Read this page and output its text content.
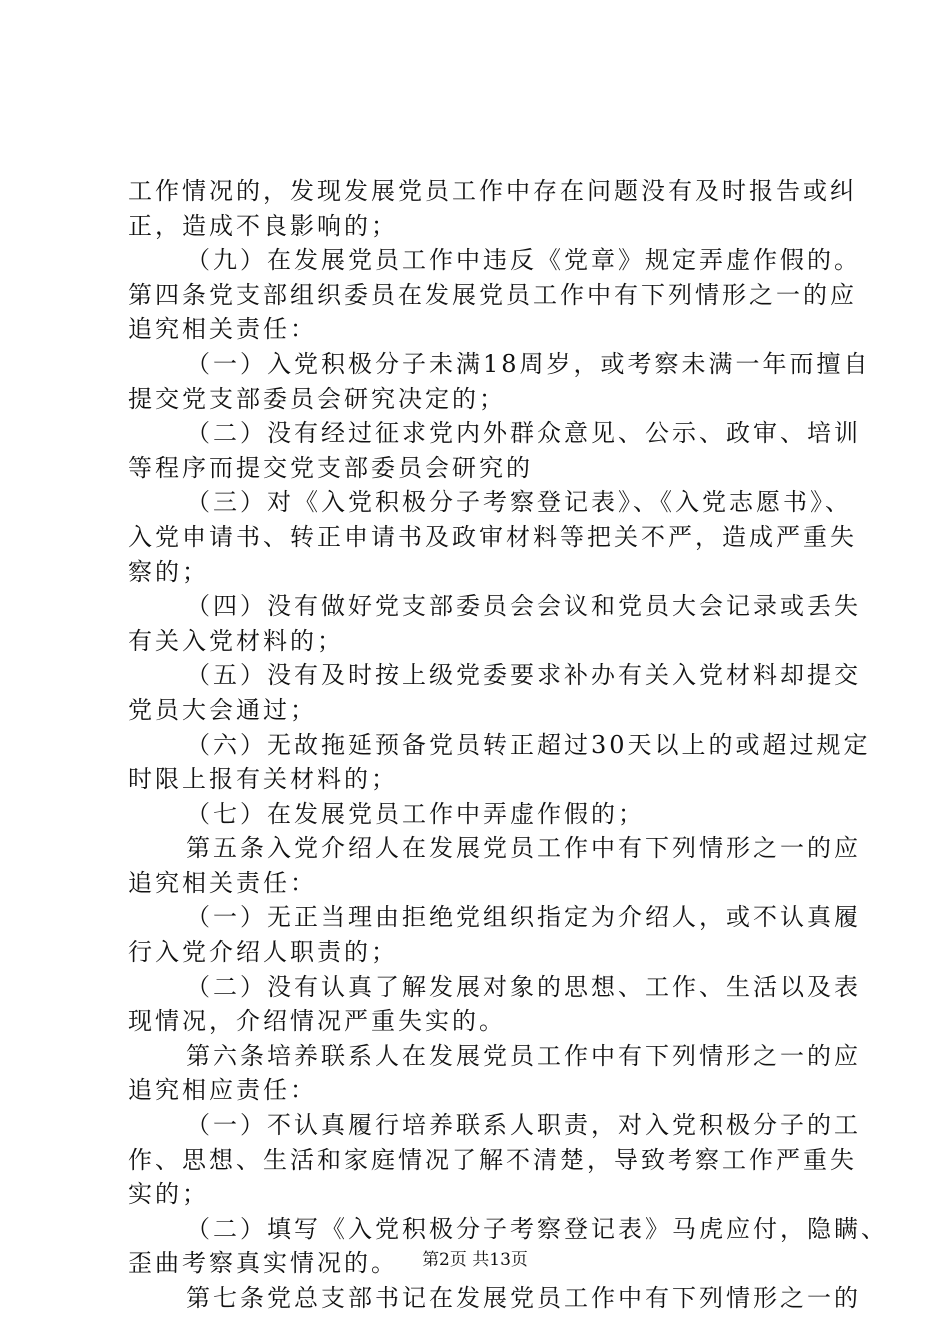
工作情况的，发现发展党员工作中存在问题没有及时报告或纠
正，造成不良影响的；
（九）在发展党员工作中违反《党章》规定弄虚作假的。
第四条党支部组织委员在发展党员工作中有下列情形之一的应
追究相关责任：
（一）入党积极分子未满18周岁，或考察未满一年而擅自
提交党支部委员会研究决定的；
（二）没有经过征求党内外群众意见、公示、政审、培训
等程序而提交党支部委员会研究的
（三）对《入党积极分子考察登记表》、《入党志愿书》、
入党申请书、转正申请书及政审材料等把关不严，造成严重失
察的；
（四）没有做好党支部委员会会议和党员大会记录或丢失
有关入党材料的；
（五）没有及时按上级党委要求补办有关入党材料却提交
党员大会通过；
（六）无故拖延预备党员转正超过30天以上的或超过规定
时限上报有关材料的；
（七）在发展党员工作中弄虚作假的；
第五条入党介绍人在发展党员工作中有下列情形之一的应
追究相关责任：
（一）无正当理由拒绝党组织指定为介绍人，或不认真履
行入党介绍人职责的；
（二）没有认真了解发展对象的思想、工作、生活以及表
现情况，介绍情况严重失实的。
第六条培养联系人在发展党员工作中有下列情形之一的应
追究相应责任：
（一）不认真履行培养联系人职责，对入党积极分子的工
作、思想、生活和家庭情况了解不清楚，导致考察工作严重失
实的；
（二）填写《入党积极分子考察登记表》马虎应付，隐瞒、
歪曲考察真实情况的。
第七条党总支部书记在发展党员工作中有下列情形之一的
第2页 共13页
